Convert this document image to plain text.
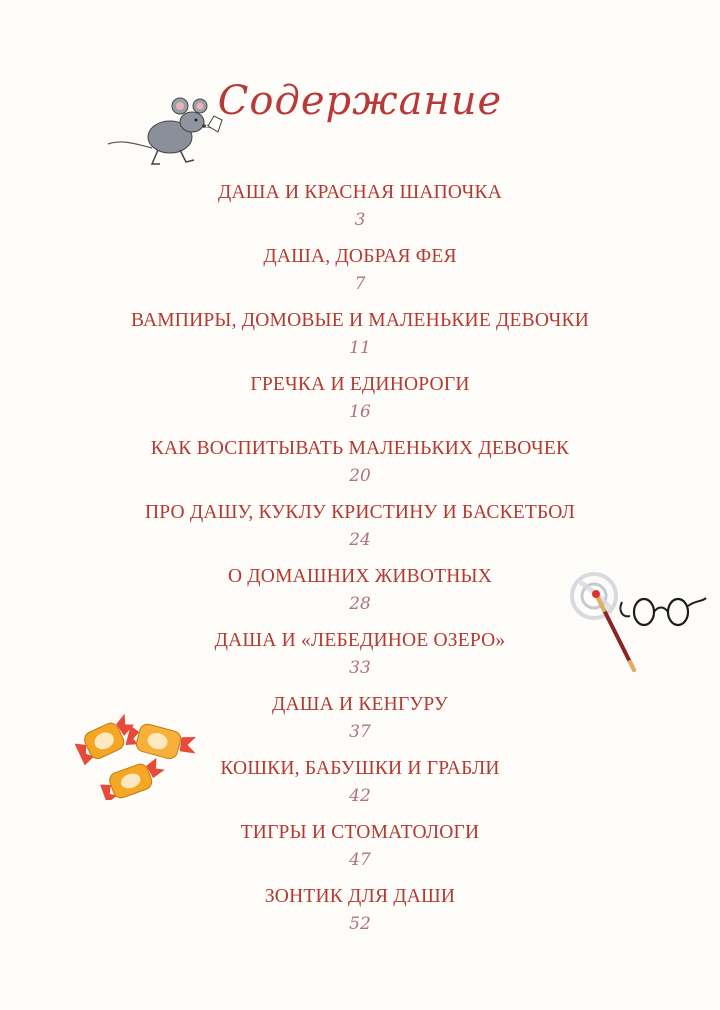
Содержание
ДАША И КРАСНАЯ ШАПОЧКА
3
ДАША, ДОБРАЯ ФЕЯ
7
ВАМПИРЫ, ДОМОВЫЕ И МАЛЕНЬКИЕ ДЕВОЧКИ
11
ГРЕЧКА И ЕДИНОРОГИ
16
КАК ВОСПИТЫВАТЬ МАЛЕНЬКИХ ДЕВОЧЕК
20
ПРО ДАШУ, КУКЛУ КРИСТИНУ И БАСКЕТБОЛ
24
О ДОМАШНИХ ЖИВОТНЫХ
28
ДАША И «ЛЕБЕДИНОЕ ОЗЕРО»
33
ДАША И КЕНГУРУ
37
КОШКИ, БАБУШКИ И ГРАБЛИ
42
ТИГРЫ И СТОМАТОЛОГИ
47
ЗОНТИК ДЛЯ ДАШИ
52
